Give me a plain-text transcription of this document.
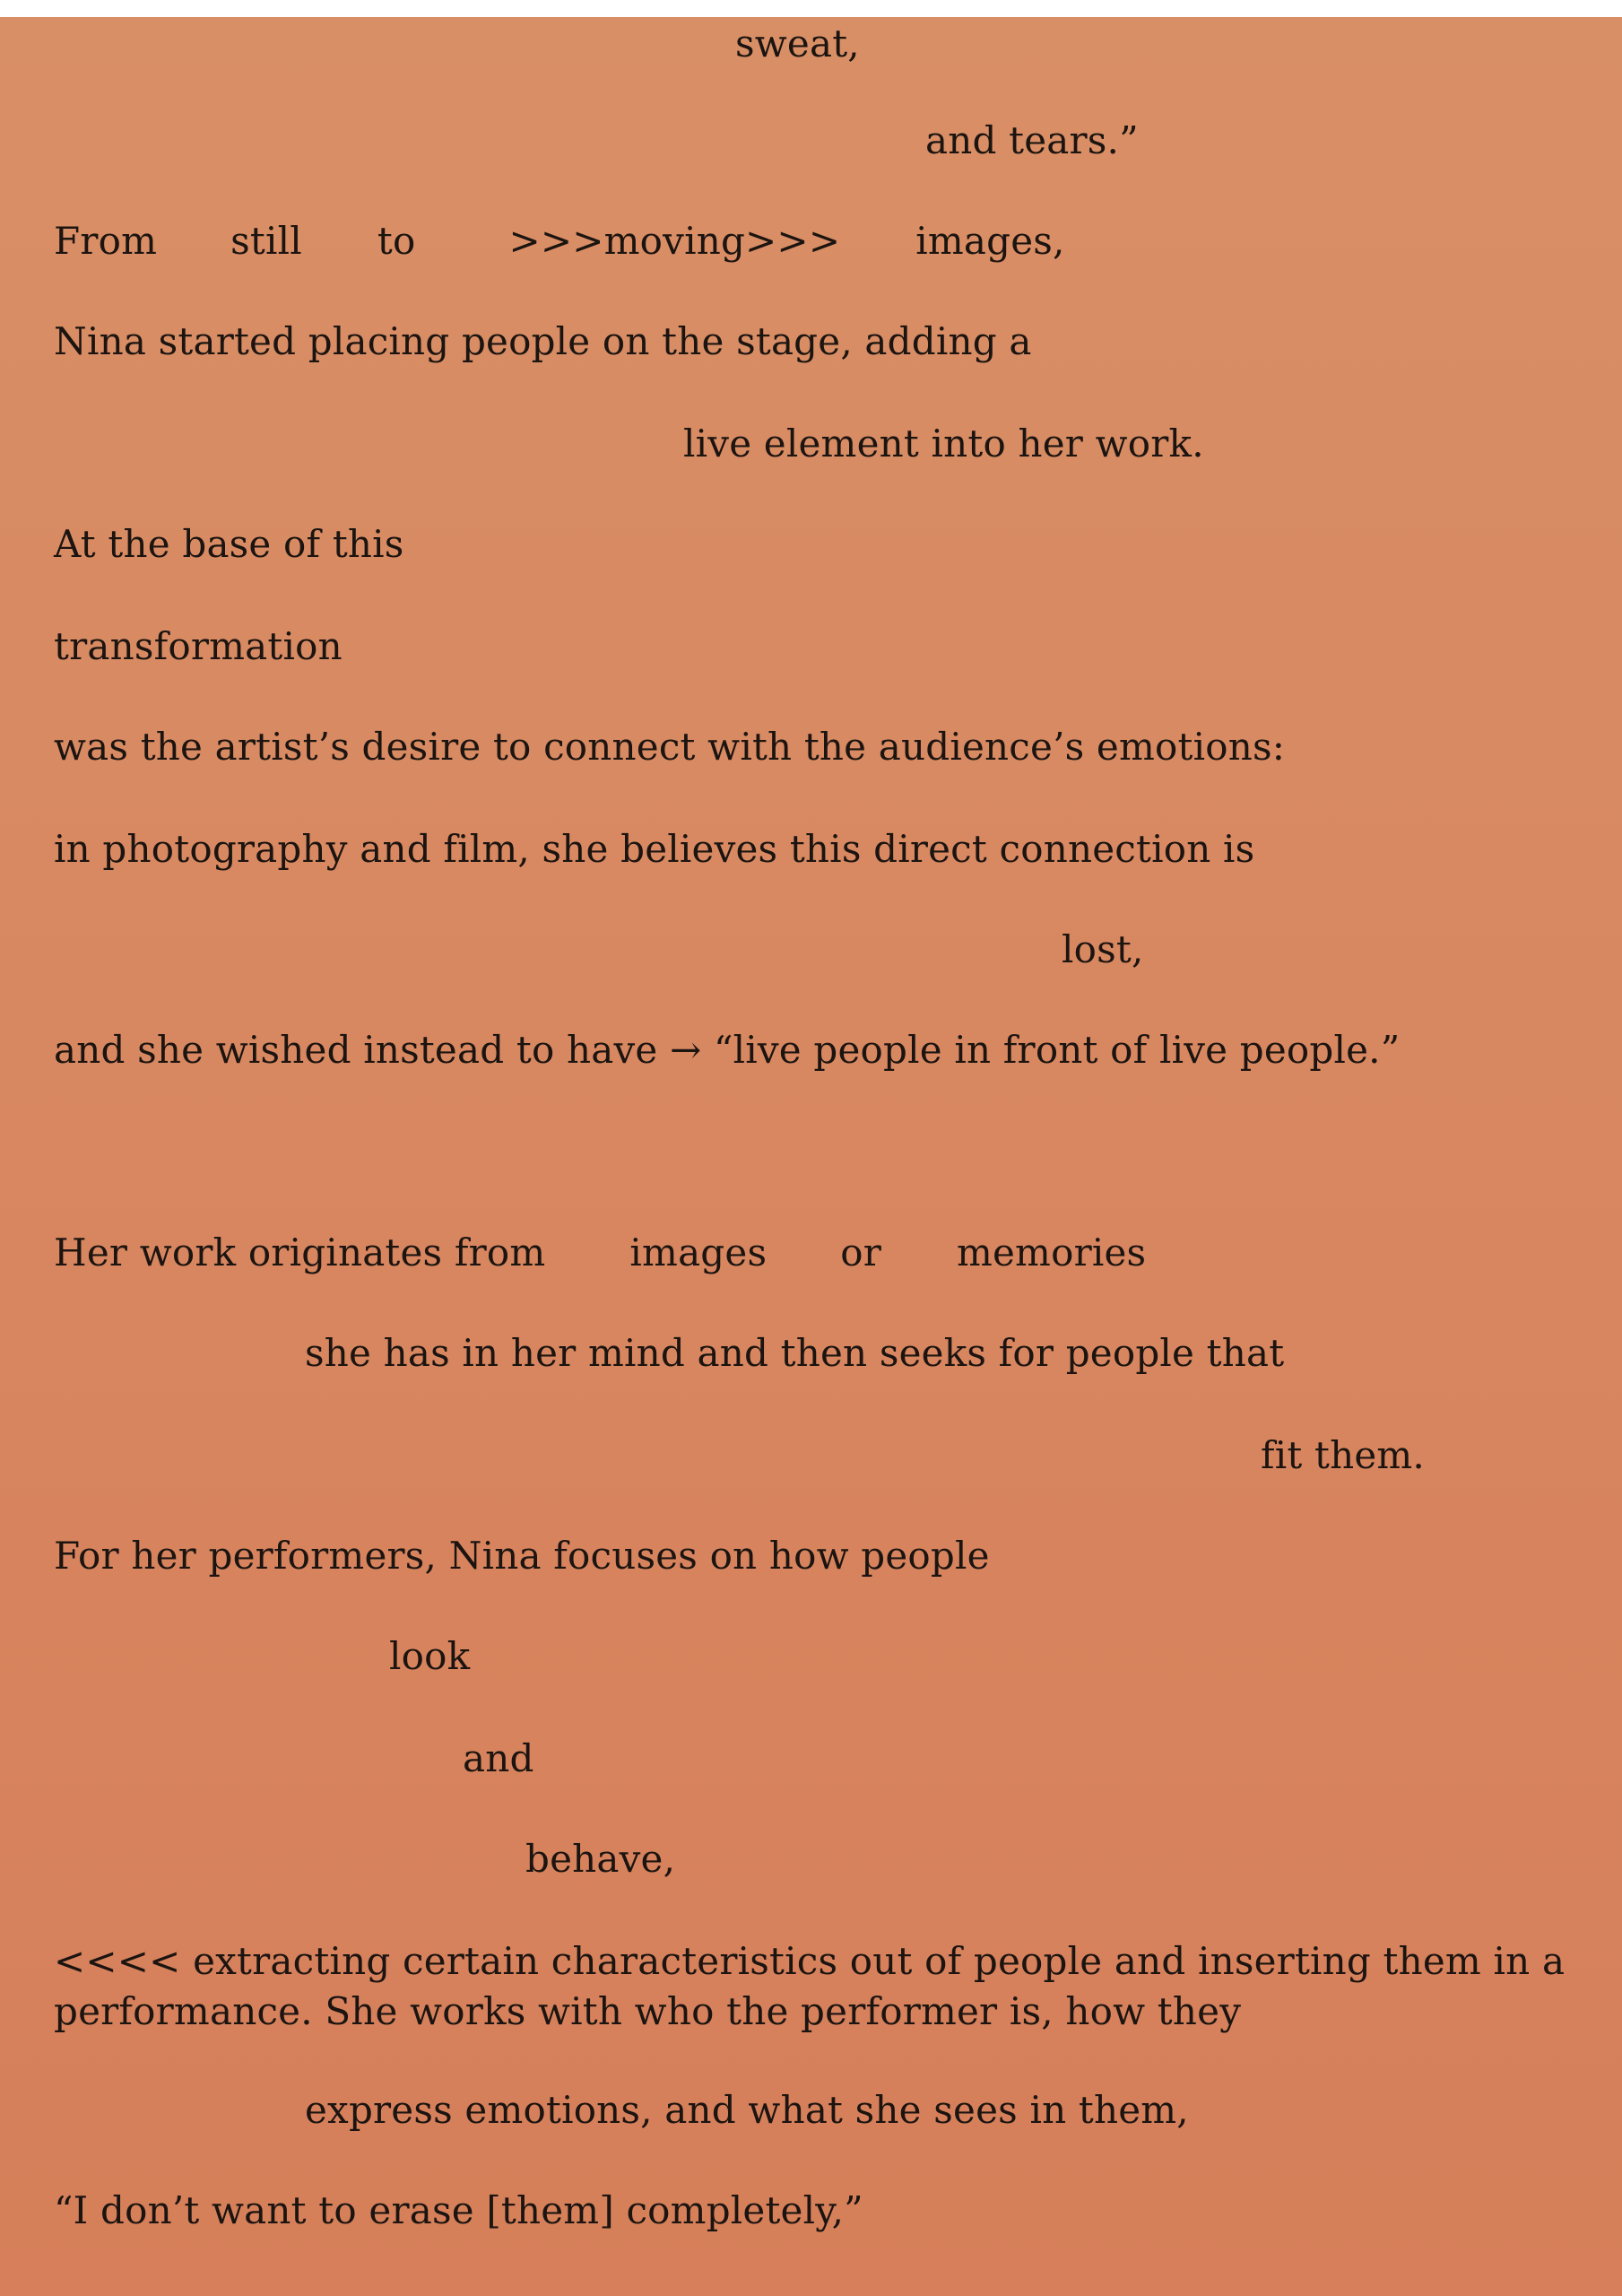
sweat,

and tears.”

From still to >>>moving>>> images,

Nina started placing people on the stage, adding a

live element into her work.

At the base of this

transformation

was the artist’s desire to connect with the audience’s emotions:

in photography and film, she believes this direct connection is

lost,

and she wished instead to have → “live people in front of live people.”

Her work originates from images or memories

she has in her mind and then seeks for people that

fit them.

For her performers, Nina focuses on how people

look

and

behave,

<<<< extracting certain characteristics out of people and inserting them in a performance. She works with who the performer is, how they

express emotions, and what she sees in them,

“I don’t want to erase [them] completely,”
